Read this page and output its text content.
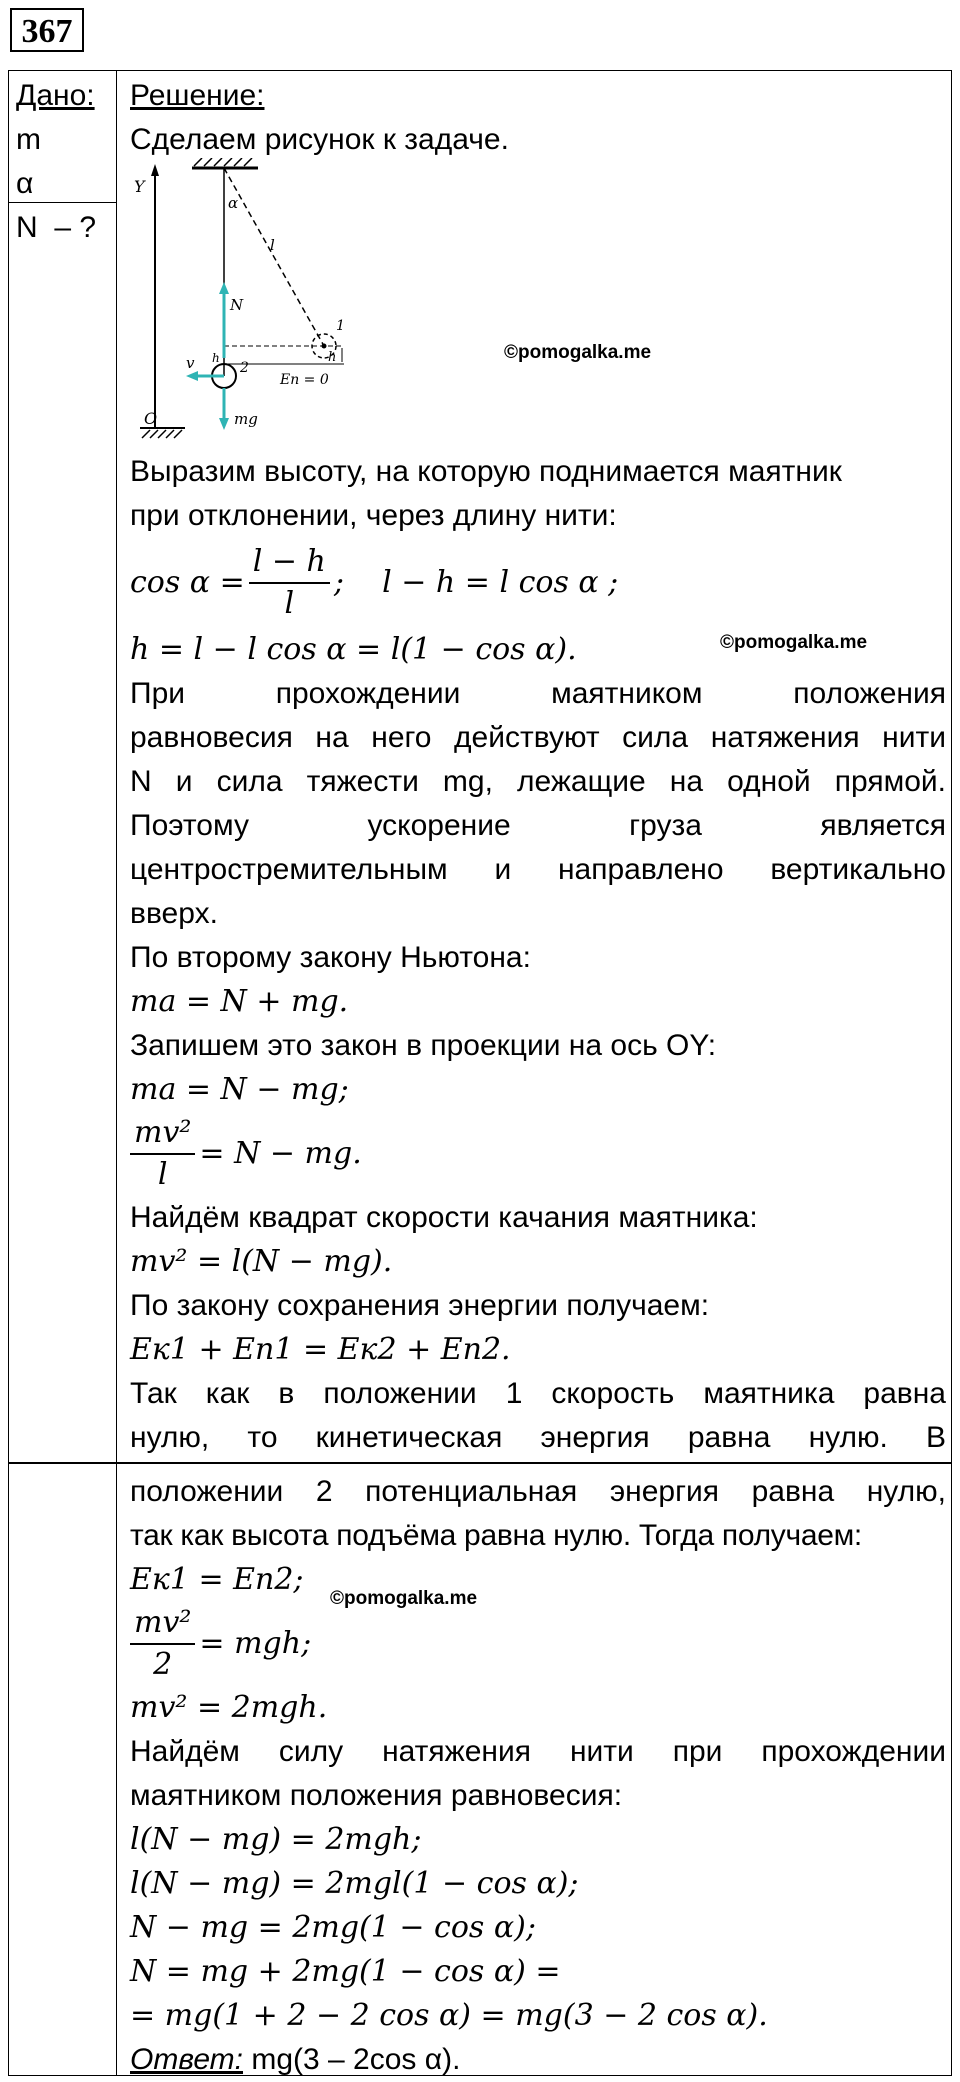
367
Дано:
m
α
N  – ?
Решение:
Сделаем рисунок к задаче.
Y
O
α
l
1
2
h
h
Eп = 0
N
mg
v	©pomogalka.me
©pomogalka.me
©pomogalka.me
Выразим высоту, на которую поднимается маятник
при отклонении, через длину нити:
$\cos \alpha = \frac{l - h}{l}$ ;    l − h = l cos α ;
h = l − l cos α = l(1 − cos α).
При прохождении маятником положения
равновесия на него действуют сила натяжения нити
N и сила тяжести mg, лежащие на одной прямой.
Поэтому ускорение груза является
центростремительным и направлено вертикально
вверх.
По второму закону Ньютона:
ma = N + mg.
Запишем это закон в проекции на ось OY:
ma = N − mg;
$\frac{\text{mv²}}{l} = N$ − mg.
Найдём квадрат скорости качания маятника:
mv² = l(N − mg).
По закону сохранения энергии получаем:
Eк1 + Eп1 = Eк2 + Eп2.
Так как в положении 1 скорость маятника равна
нулю, то кинетическая энергия равна нулю. В
положении 2 потенциальная энергия равна нулю,
так как высота подъёма равна нулю. Тогда получаем:
Eк1 = Eп2;
$\frac{\text{mv²}}{2}$ = mgh;
mv² = 2mgh.
Найдём силу натяжения нити при прохождении
маятником положения равновесия:
l(N − mg) = 2mgh;
l(N − mg) = 2mgl(1 − cos α);
N − mg = 2mg(1 − cos α);
N = mg + 2mg(1 − cos α) =
= mg(1 + 2 − 2 cos α) = mg(3 − 2 cos α).
Ответ: mg(3 – 2cos α).
